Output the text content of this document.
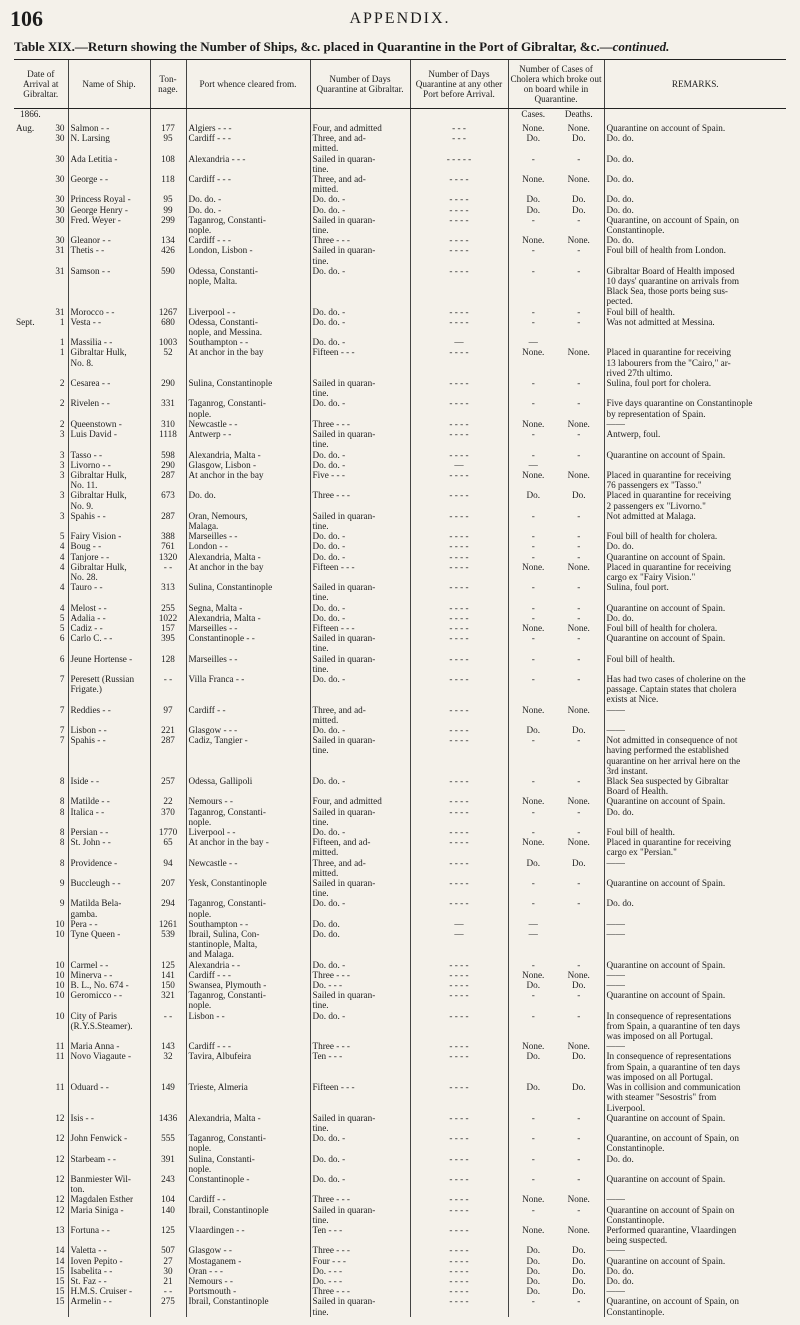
106	APPENDIX.
Table XIX.—Return showing the Number of Ships, &c. placed in Quarantine in the Port of Gibraltar, &c.—continued.
Date of Arrival at Gibraltar.	Name of Ship.	Ton-nage.	Port whence cleared from.	Number of Days Quarantine at Gibraltar.	Number of Days Quarantine at any other Port before Arrival.	Number of Cases of Cholera which broke out on board while in Quarantine.	REMARKS.
1866.						Cases. Deaths.	

Aug. 30	Salmon - -	177	Algiers - - -	Four, and admitted	- - -	None. None.	Quarantine on account of Spain.

30	N. Larsing	95	Cardiff - - -	Three, and ad-
mitted.	- - -	Do. Do.	Do. do.

30	Ada Letitia -	108	Alexandria - - -	Sailed in quaran-
tine.	- - - - -	- -	Do. do.

30	George - -	118	Cardiff - - -	Three, and ad-
mitted.	- - - -	None. None.	Do. do.

30	Princess Royal -	95	Do. do. -	Do. do. -	- - - -	Do. Do.	Do. do.

30	George Henry -	99	Do. do. -	Do. do. -	- - - -	Do. Do.	Do. do.

30	Fred. Weyer -	299	Taganrog, Constanti-
nople.	Sailed in quaran-
tine.	- - - -	- -	Quarantine, on account of Spain, on
Constantinople.

30	Gleanor - -	134	Cardiff - - -	Three - - -	- - - -	None. None.	Do. do.

31	Thetis - -	426	London, Lisbon -	Sailed in quaran-
tine.	- - - -	- -	Foul bill of health from London.

31	Samson - -	590	Odessa, Constanti-
nople, Malta.	Do. do. -	- - - -	- -	Gibraltar Board of Health imposed
10 days' quarantine on arrivals from
Black Sea, those ports being sus-
pected.

31	Morocco - -	1267	Liverpool - -	Do. do. -	- - - -	- -	Foul bill of health.

Sept. 1	Vesta - -	680	Odessa, Constanti-
nople, and Messina.	Do. do. -	- - - -	- -	Was not admitted at Messina.

1	Massilia - -	1003	Southampton - -	Do. do. -	—	—	

1	Gibraltar Hulk,
No. 8.	52	At anchor in the bay	Fifteen - - -	- - - -	None. None.	Placed in quarantine for receiving
13 labourers from the "Cairo," ar-
rived 27th ultimo.

2	Cesarea - -	290	Sulina, Constantinople	Sailed in quaran-
tine.	- - - -	- -	Sulina, foul port for cholera.

2	Rivelen - -	331	Taganrog, Constanti-
nople.	Do. do. -	- - - -	- -	Five days quarantine on Constantinople
by representation of Spain.

2	Queenstown -	310	Newcastle - -	Three - - -	- - - -	None. None.	——

3	Luis David -	1118	Antwerp - -	Sailed in quaran-
tine.	- - - -	- -	Antwerp, foul.

3	Tasso - -	598	Alexandria, Malta -	Do. do. -	- - - -	- -	Quarantine on account of Spain.

3	Livorno - -	290	Glasgow, Lisbon -	Do. do. -	—	—	

3	Gibraltar Hulk,
No. 11.	287	At anchor in the bay	Five - - -	- - - -	None. None.	Placed in quarantine for receiving
76 passengers ex "Tasso."

3	Gibraltar Hulk,
No. 9.	673	Do. do.	Three - - -	- - - -	Do. Do.	Placed in quarantine for receiving
2 passengers ex "Livorno."

3	Spahis - -	287	Oran, Nemours,
Malaga.	Sailed in quaran-
tine.	- - - -	- -	Not admitted at Malaga.

5	Fairy Vision -	388	Marseilles - -	Do. do. -	- - - -	- -	Foul bill of health for cholera.

4	Boug - -	761	London - -	Do. do. -	- - - -	- -	Do. do.

4	Tanjore - -	1320	Alexandria, Malta -	Do. do. -	- - - -	- -	Quarantine on account of Spain.

4	Gibraltar Hulk,
No. 28.	- -	At anchor in the bay	Fifteen - - -	- - - -	None. None.	Placed in quarantine for receiving
cargo ex "Fairy Vision."

4	Tauro - -	313	Sulina, Constantinople	Sailed in quaran-
tine.	- - - -	- -	Sulina, foul port.

4	Melost - -	255	Segna, Malta -	Do. do. -	- - - -	- -	Quarantine on account of Spain.

5	Adalia - -	1022	Alexandria, Malta -	Do. do. -	- - - -	- -	Do. do.

5	Cadiz - -	157	Marseilles - -	Fifteen - - -	- - - -	None. None.	Foul bill of health for cholera.

6	Carlo C. - -	395	Constantinople - -	Sailed in quaran-
tine.	- - - -	- -	Quarantine on account of Spain.

6	Jeune Hortense -	128	Marseilles - -	Sailed in quaran-
tine.	- - - -	- -	Foul bill of health.

7	Peresett (Russian
Frigate.)	- -	Villa Franca - -	Do. do. -	- - - -	- -	Has had two cases of cholerine on the
passage. Captain states that cholera
exists at Nice.

7	Reddies - -	97	Cardiff - -	Three, and ad-
mitted.	- - - -	None. None.	——

7	Lisbon - -	221	Glasgow - - -	Do. do. -	- - - -	Do. Do.	——

7	Spahis - -	287	Cadiz, Tangier -	Sailed in quaran-
tine.	- - - -	- -	Not admitted in consequence of not
having performed the established
quarantine on her arrival here on the
3rd instant.

8	Iside - -	257	Odessa, Gallipoli	Do. do. -	- - - -	- -	Black Sea suspected by Gibraltar
Board of Health.

8	Matilde - -	22	Nemours - -	Four, and admitted	- - - -	None. None.	Quarantine on account of Spain.

8	Italica - -	370	Taganrog, Constanti-
nople.	Sailed in quaran-
tine.	- - - -	- -	Do. do.

8	Persian - -	1770	Liverpool - -	Do. do. -	- - - -	- -	Foul bill of health.

8	St. John - -	65	At anchor in the bay -	Fifteen, and ad-
mitted.	- - - -	None. None.	Placed in quarantine for receiving
cargo ex "Persian."

8	Providence -	94	Newcastle - -	Three, and ad-
mitted.	- - - -	Do. Do.	——

9	Buccleugh - -	207	Yesk, Constantinople	Sailed in quaran-
tine.	- - - -	- -	Quarantine on account of Spain.

9	Matilda Bela-
gamba.	294	Taganrog, Constanti-
nople.	Do. do. -	- - - -	- -	Do. do.

10	Pera - -	1261	Southampton - -	Do. do.	—	—	——

10	Tyne Queen -	539	Ibrail, Sulina, Con-
stantinople, Malta,
and Malaga.	Do. do.	—	—	——

10	Carmel - -	125	Alexandria - -	Do. do. -	- - - -	- -	Quarantine on account of Spain.

10	Minerva - -	141	Cardiff - - -	Three - - -	- - - -	None. None.	——

10	B. L., No. 674 -	150	Swansea, Plymouth -	Do. - - -	- - - -	Do. Do.	——

10	Geromicco - -	321	Taganrog, Constanti-
nople.	Sailed in quaran-
tine.	- - - -	- -	Quarantine on account of Spain.

10	City of Paris
(R.Y.S.Steamer).	- -	Lisbon - -	Do. do. -	- - - -	- -	In consequence of representations
from Spain, a quarantine of ten days
was imposed on all Portugal.

11	Maria Anna -	143	Cardiff - - -	Three - - -	- - - -	None. None.	——

11	Novo Viagaute -	32	Tavira, Albufeira	Ten - - -	- - - -	Do. Do.	In consequence of representations
from Spain, a quarantine of ten days
was imposed on all Portugal.

11	Oduard - -	149	Trieste, Almeria	Fifteen - - -	- - - -	Do. Do.	Was in collision and communication
with steamer "Sesostris" from
Liverpool.

12	Isis - -	1436	Alexandria, Malta -	Sailed in quaran-
tine.	- - - -	- -	Quarantine on account of Spain.

12	John Fenwick -	555	Taganrog, Constanti-
nople.	Do. do. -	- - - -	- -	Quarantine, on account of Spain, on
Constantinople.

12	Starbeam - -	391	Sulina, Constanti-
nople.	Do. do. -	- - - -	- -	Do. do.

12	Banmiester Wil-
ton.	243	Constantinople -	Do. do. -	- - - -	- -	Quarantine on account of Spain.

12	Magdalen Esther	104	Cardiff - -	Three - - -	- - - -	None. None.	——

12	Maria Siniga -	140	Ibrail, Constantinople	Sailed in quaran-
tine.	- - - -	- -	Quarantine on account of Spain on
Constantinople.

13	Fortuna - -	125	Vlaardingen - -	Ten - - -	- - - -	None. None.	Performed quarantine, Vlaardingen
being suspected.

14	Valetta - -	507	Glasgow - -	Three - - -	- - - -	Do. Do.	——

14	Ioven Pepito -	27	Mostaganem -	Four - - -	- - - -	Do. Do.	Quarantine on account of Spain.

15	Isabelita - -	30	Oran - - -	Do. - - -	- - - -	Do. Do.	Do. do.

15	St. Faz - -	21	Nemours - -	Do. - - -	- - - -	Do. Do.	Do. do.

15	H.M.S. Cruiser -	- -	Portsmouth -	Three - - -	- - - -	Do. Do.	——

15	Armelin - -	275	Ibrail, Constantinople	Sailed in quaran-
tine.	- - - -	- -	Quarantine, on account of Spain, on
Constantinople.
